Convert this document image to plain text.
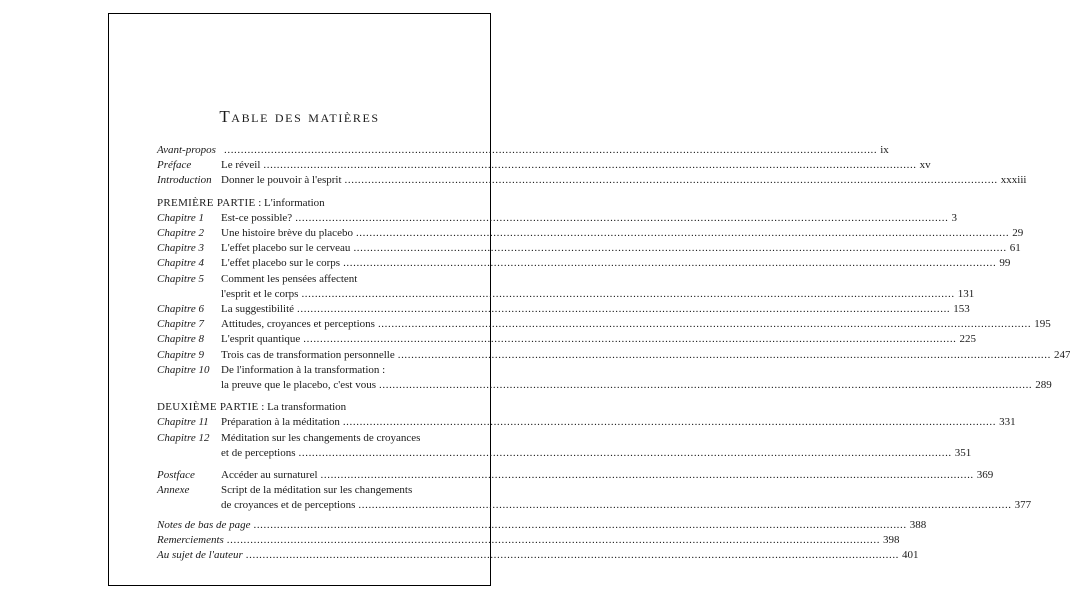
Table des matières
Avant-propos .....	ix
Préface	Le réveil .....	xv
Introduction Donner le pouvoir à l'esprit .....	xxxiii
PREMIÈRE PARTIE : L'information
Chapitre 1	Est-ce possible? .....	3
Chapitre 2	Une histoire brève du placebo .....	29
Chapitre 3	L'effet placebo sur le cerveau .....	61
Chapitre 4	L'effet placebo sur le corps .....	99
Chapitre 5	Comment les pensées affectent
l'esprit et le corps .....	131
Chapitre 6	La suggestibilité .....	153
Chapitre 7	Attitudes, croyances et perceptions .....	195
Chapitre 8	L'esprit quantique .....	225
Chapitre 9	Trois cas de transformation personnelle .....	247
Chapitre 10	De l'information à la transformation :
la preuve que le placebo, c'est vous .....	289
DEUXIÈME PARTIE : La transformation
Chapitre 11	Préparation à la méditation .....	331
Chapitre 12	Méditation sur les changements de croyances
et de perceptions .....	351
Postface	Accéder au surnaturel .....	369
Annexe	Script de la méditation sur les changements
de croyances et de perceptions .....	377
Notes de bas de page .....	388
Remerciements .....	398
Au sujet de l'auteur .....	401
